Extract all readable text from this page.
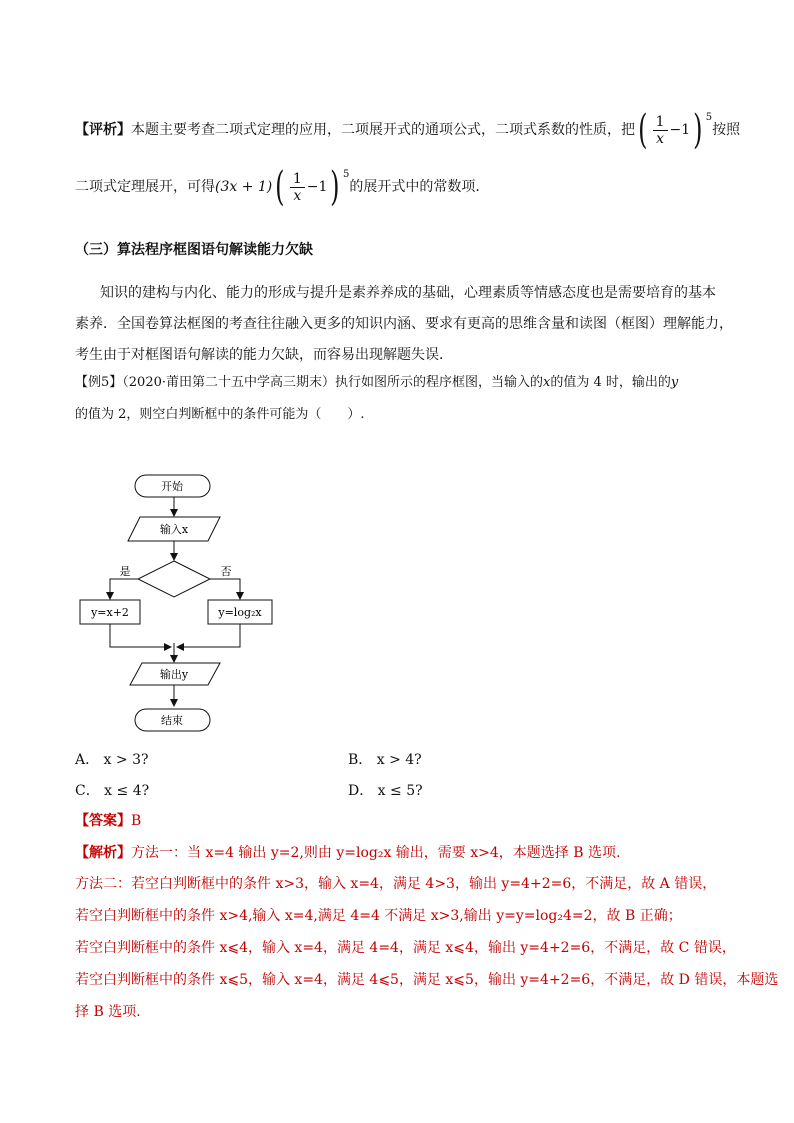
【评析】本题主要考查二项式定理的应用，二项展开式的通项公式，二项式系数的性质，把( $\frac{1}{x} -1$) $^5$按照
二项式定理展开，可得$(3x + 1)( \frac{1}{x} -1)$ $^5$的展开式中的常数项．
（三）算法程序框图语句解读能力欠缺
知识的建构与内化、能力的形成与提升是素养养成的基础，心理素质等情感态度也是需要培育的基本
素养．全国卷算法框图的考查往往融入更多的知识内涵、要求有更高的思维含量和读图（框图）理解能力，
考生由于对框图语句解读的能力欠缺，而容易出现解题失误．
【例5】（2020·莆田第二十五中学高三期末）执行如图所示的程序框图，当输入的x的值为 4 时，输出的y
的值为 2，则空白判断框中的条件可能为（　　）.
开始
输入x
是	否
y=x+2	y=log₂x
输出y
结束
A． x > 3?	B． x > 4?
C． x ≤ 4?	D． x ≤ 5?
【答案】B
【解析】方法一：当 x=4 输出 y=2,则由 y=log₂x 输出，需要 x>4，本题选择 B 选项.
方法二：若空白判断框中的条件 x>3，输入 x=4，满足 4>3，输出 y=4+2=6，不满足，故 A 错误，
若空白判断框中的条件 x>4,输入 x=4,满足 4=4 不满足 x>3,输出 y=y=log₂4=2，故 B 正确；
若空白判断框中的条件 x⩽4，输入 x=4，满足 4=4，满足 x⩽4，输出 y=4+2=6，不满足，故 C 错误，
若空白判断框中的条件 x⩽5，输入 x=4，满足 4⩽5，满足 x⩽5，输出 y=4+2=6，不满足，故 D 错误，本题选
择 B 选项.
